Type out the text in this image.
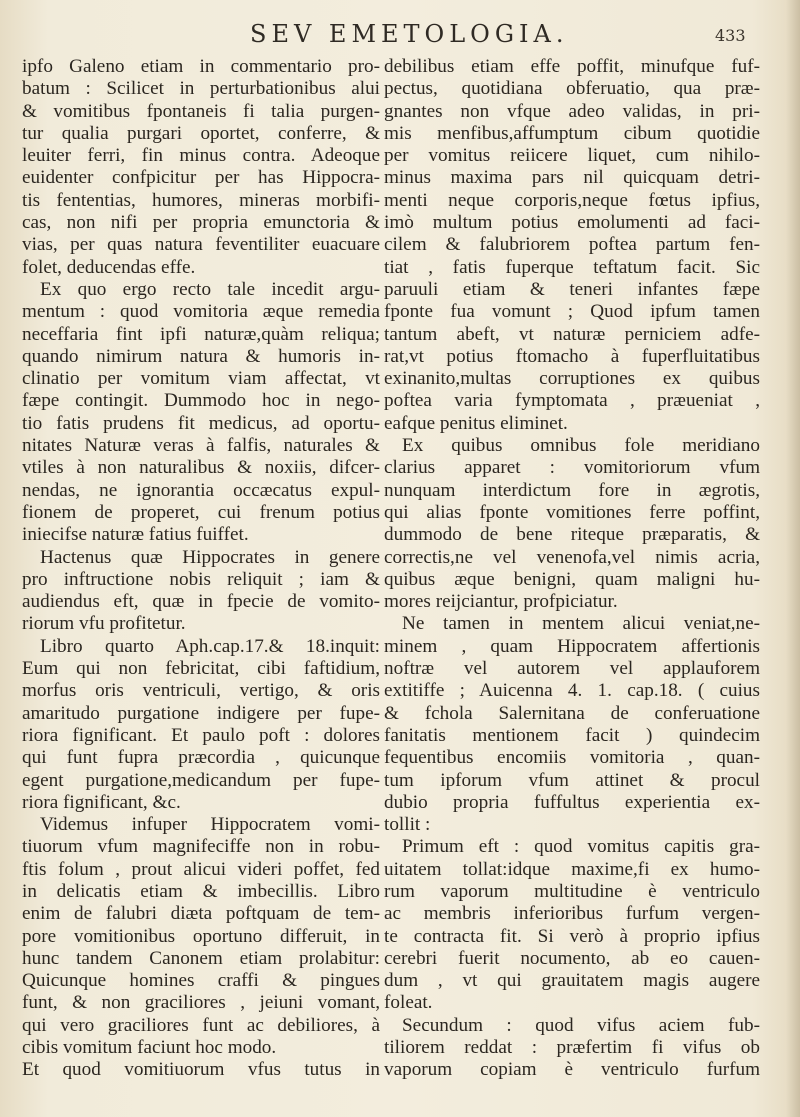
SEV EMETOLOGIA.	433
ipfo Galeno etiam in commentario pro-
batum : Scilicet in perturbationibus alui
& vomitibus fpontaneis fi talia purgen-
tur qualia purgari oportet, conferre, &
leuiter ferri, fin minus contra. Adeoque
euidenter confpicitur per has Hippocra-
tis fententias, humores, mineras morbifi-
cas, non nifi per propria emunctoria &
vias, per quas natura feventiliter euacuare
folet, deducendas effe.
Ex quo ergo recto tale incedit argu-
mentum : quod vomitoria æque remedia
neceffaria fint ipfi naturæ,quàm reliqua;
quando nimirum natura & humoris in-
clinatio per vomitum viam affectat, vt
fæpe contingit. Dummodo hoc in nego-
tio fatis prudens fit medicus, ad oportu-
nitates Naturæ veras à falfis, naturales &
vtiles à non naturalibus & noxiis, difcer-
nendas, ne ignorantia occæcatus expul-
fionem de properet, cui frenum potius
iniecifse naturæ fatius fuiffet.
Hactenus quæ Hippocrates in genere
pro inftructione nobis reliquit ; iam &
audiendus eft, quæ in fpecie de vomito-
riorum vfu profitetur.
Libro quarto Aph.cap.17.& 18.inquit:
Eum qui non febricitat, cibi faftidium,
morfus oris ventriculi, vertigo, & oris
amaritudo purgatione indigere per fupe-
riora fignificant. Et paulo poft : dolores
qui funt fupra præcordia , quicunque
egent purgatione,medicandum per fupe-
riora fignificant, &c.
Videmus infuper Hippocratem vomi-
tiuorum vfum magnifeciffe non in robu-
ftis folum , prout alicui videri poffet, fed
in delicatis etiam & imbecillis. Libro
enim de falubri diæta poftquam de tem-
pore vomitionibus oportuno differuit, in
hunc tandem Canonem etiam prolabitur:
Quicunque homines craffi & pingues
funt, & non graciliores , jeiuni vomant,
qui vero graciliores funt ac debiliores, à
cibis vomitum faciunt hoc modo.
Et quod vomitiuorum vfus tutus in
debilibus etiam effe poffit, minufque fuf-
pectus, quotidiana obferuatio, qua præ-
gnantes non vfque adeo validas, in pri-
mis menfibus,affumptum cibum quotidie
per vomitus reiicere liquet, cum nihilo-
minus maxima pars nil quicquam detri-
menti neque corporis,neque fœtus ipfius,
imò multum potius emolumenti ad faci-
cilem & falubriorem poftea partum fen-
tiat , fatis fuperque teftatum facit. Sic
paruuli etiam & teneri infantes fæpe
fponte fua vomunt ; Quod ipfum tamen
tantum abeft, vt naturæ perniciem adfe-
rat,vt potius ftomacho à fuperfluitatibus
exinanito,multas corruptiones ex quibus
poftea varia fymptomata , præueniat ,
eafque penitus eliminet.
Ex quibus omnibus fole meridiano
clarius apparet : vomitoriorum vfum
nunquam interdictum fore in ægrotis,
qui alias fponte vomitiones ferre poffint,
dummodo de bene riteque præparatis, &
correctis,ne vel venenofa,vel nimis acria,
quibus æque benigni, quam maligni hu-
mores reijciantur, profpiciatur.
Ne tamen in mentem alicui veniat,ne-
minem , quam Hippocratem affertionis
noftræ vel autorem vel applauforem
extitiffe ; Auicenna 4. 1. cap.18. ( cuius
& fchola Salernitana de conferuatione
fanitatis mentionem facit ) quindecim
fequentibus encomiis vomitoria , quan-
tum ipforum vfum attinet & procul
dubio propria fuffultus experientia ex-
tollit :
Primum eft : quod vomitus capitis gra-
uitatem tollat:idque maxime,fi ex humo-
rum vaporum multitudine è ventriculo
ac membris inferioribus furfum vergen-
te contracta fit. Si verò à proprio ipfius
cerebri fuerit nocumento, ab eo cauen-
dum , vt qui grauitatem magis augere
foleat.
Secundum : quod vifus aciem fub-
tiliorem reddat : præfertim fi vifus ob
vaporum copiam è ventriculo furfum
